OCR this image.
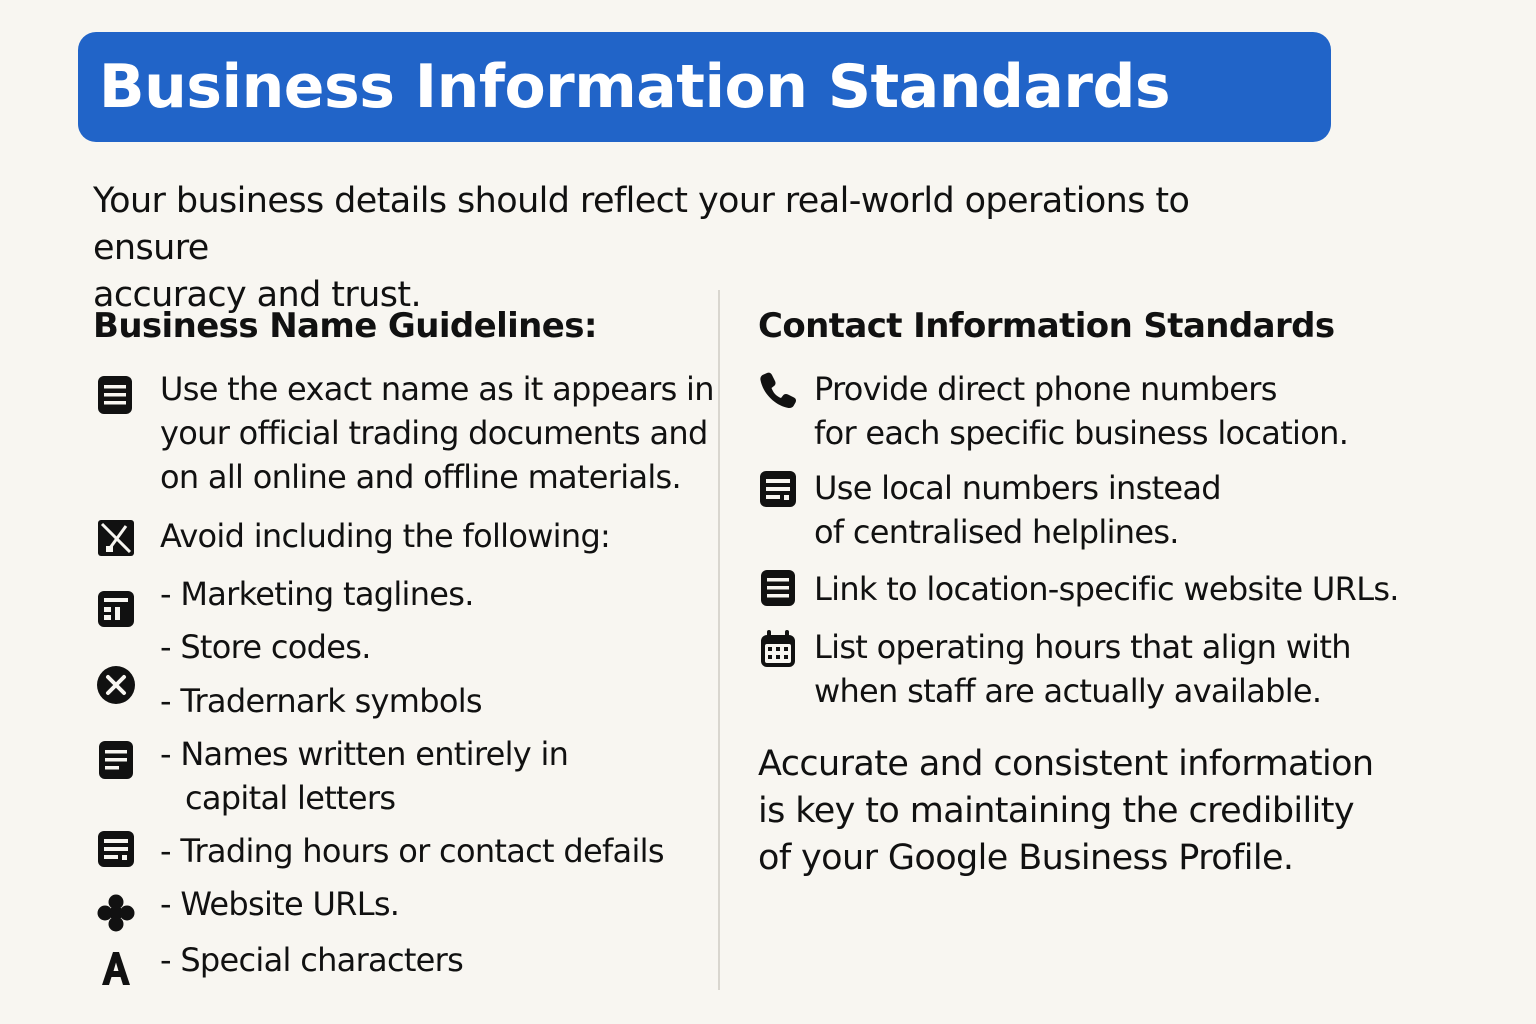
Business Information Standards
Your business details should reflect your real-world operations to ensure
accuracy and trust.
Business Name Guidelines:
Use the exact name as it appears in
your official trading documents and
on all online and offline materials.
Avoid including the following:
- Marketing taglines.
- Store codes.
- Tradernark symbols
- Names written entirely in
capital letters
- Trading hours or contact defails
- Website URLs.
- Special characters
Contact Information Standards
Provide direct phone numbers
for each specific business location.
Use local numbers instead
of centralised helplines.
Link to location-specific website URLs.
List operating hours that align with
when staff are actually available.
Accurate and consistent information
is key to maintaining the credibility
of your Google Business Profile.
